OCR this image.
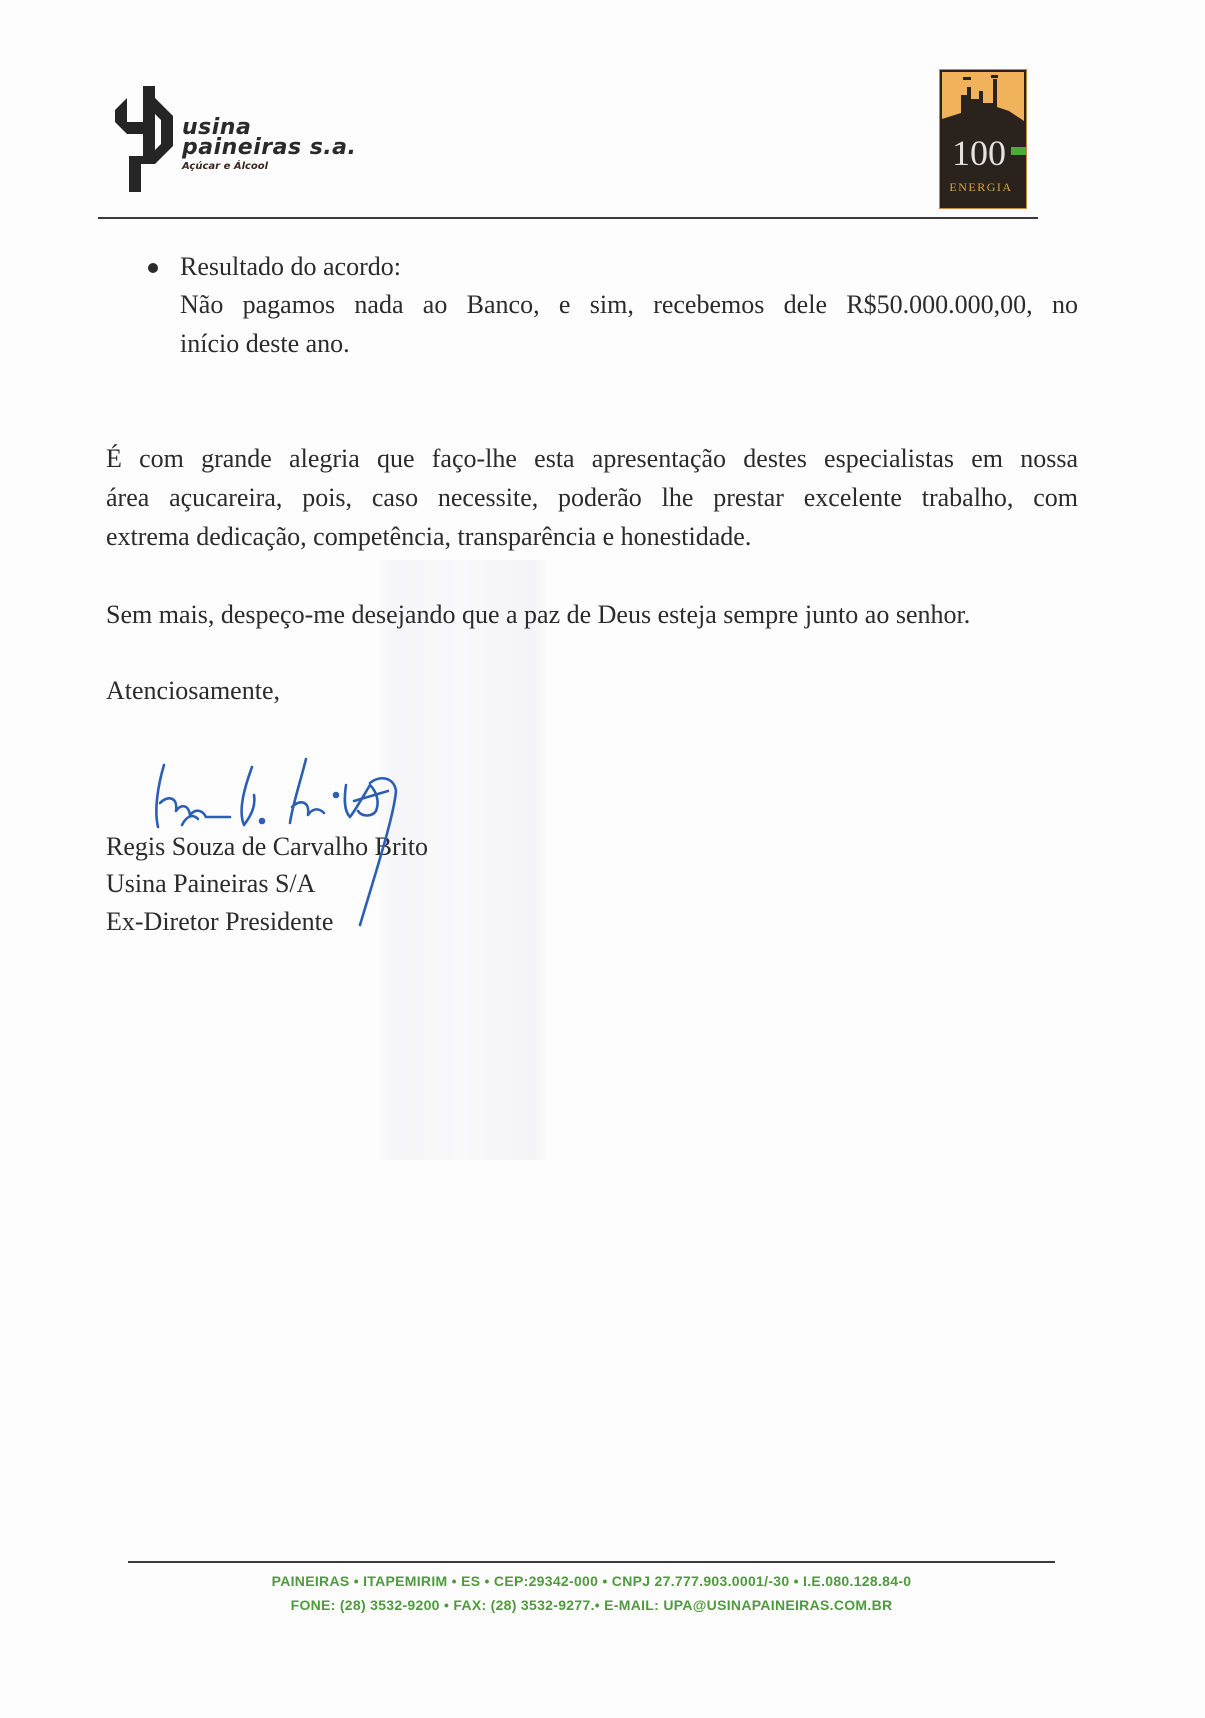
usina
paineiras s.a.
Açúcar e Álcool	100
ENERGIA
Resultado do acordo:
Não pagamos nada ao Banco, e sim, recebemos dele R$50.000.000,00, no
início deste ano.
É com grande alegria que faço-lhe esta apresentação destes especialistas em nossa
área açucareira, pois, caso necessite, poderão lhe prestar excelente trabalho, com
extrema dedicação, competência, transparência e honestidade.
Sem mais, despeço-me desejando que a paz de Deus esteja sempre junto ao senhor.
Atenciosamente,
Regis Souza de Carvalho Brito
Usina Paineiras S/A
Ex-Diretor Presidente
PAINEIRAS • ITAPEMIRIM • ES • CEP:29342-000 • CNPJ 27.777.903.0001/-30 • I.E.080.128.84-0
FONE: (28) 3532-9200 • FAX: (28) 3532-9277.• E-MAIL: UPA@USINAPAINEIRAS.COM.BR
